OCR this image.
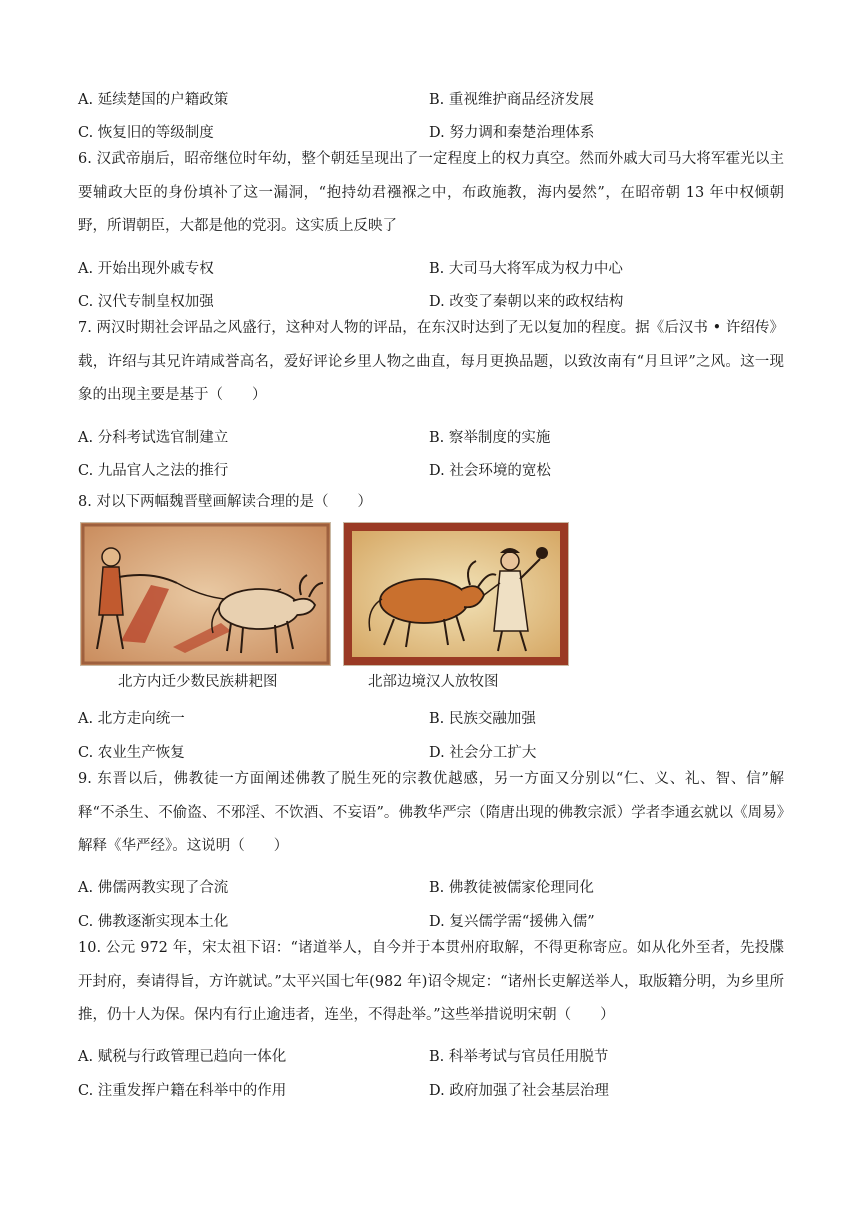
A. 延续楚国的户籍政策	B. 重视维护商品经济发展
C. 恢复旧的等级制度	D. 努力调和秦楚治理体系
6. 汉武帝崩后，昭帝继位时年幼，整个朝廷呈现出了一定程度上的权力真空。然而外戚大司马大将军霍光以主要辅政大臣的身份填补了这一漏洞，“抱持幼君襁褓之中，布政施教，海内晏然”，在昭帝朝 13 年中权倾朝野，所谓朝臣，大都是他的党羽。这实质上反映了
A. 开始出现外戚专权	B. 大司马大将军成为权力中心
C. 汉代专制皇权加强	D. 改变了秦朝以来的政权结构
7. 两汉时期社会评品之风盛行，这种对人物的评品，在东汉时达到了无以复加的程度。据《后汉书 • 许绍传》载，许绍与其兄许靖咸誉高名，爱好评论乡里人物之曲直，每月更换品题，以致汝南有“月旦评”之风。这一现象的出现主要是基于（　　）
A. 分科考试选官制建立	B. 察举制度的实施
C. 九品官人之法的推行	D. 社会环境的宽松
8. 对以下两幅魏晋壁画解读合理的是（　　）
北方内迁少数民族耕耙图	北部边境汉人放牧图
A. 北方走向统一	B. 民族交融加强
C. 农业生产恢复	D. 社会分工扩大
9. 东晋以后，佛教徒一方面阐述佛教了脱生死的宗教优越感，另一方面又分别以“仁、义、礼、智、信”解释“不杀生、不偷盗、不邪淫、不饮酒、不妄语”。佛教华严宗（隋唐出现的佛教宗派）学者李通玄就以《周易》解释《华严经》。这说明（　　）
A. 佛儒两教实现了合流	B. 佛教徒被儒家伦理同化
C. 佛教逐渐实现本土化	D. 复兴儒学需“援佛入儒”
10. 公元 972 年，宋太祖下诏：“诸道举人，自今并于本贯州府取解，不得更称寄应。如从化外至者，先投牒开封府，奏请得旨，方许就试。”太平兴国七年(982 年)诏令规定：“诸州长吏解送举人，取版籍分明，为乡里所推，仍十人为保。保内有行止逾违者，连坐，不得赴举。”这些举措说明宋朝（　　）
A. 赋税与行政管理已趋向一体化	B. 科举考试与官员任用脱节
C. 注重发挥户籍在科举中的作用	D. 政府加强了社会基层治理
